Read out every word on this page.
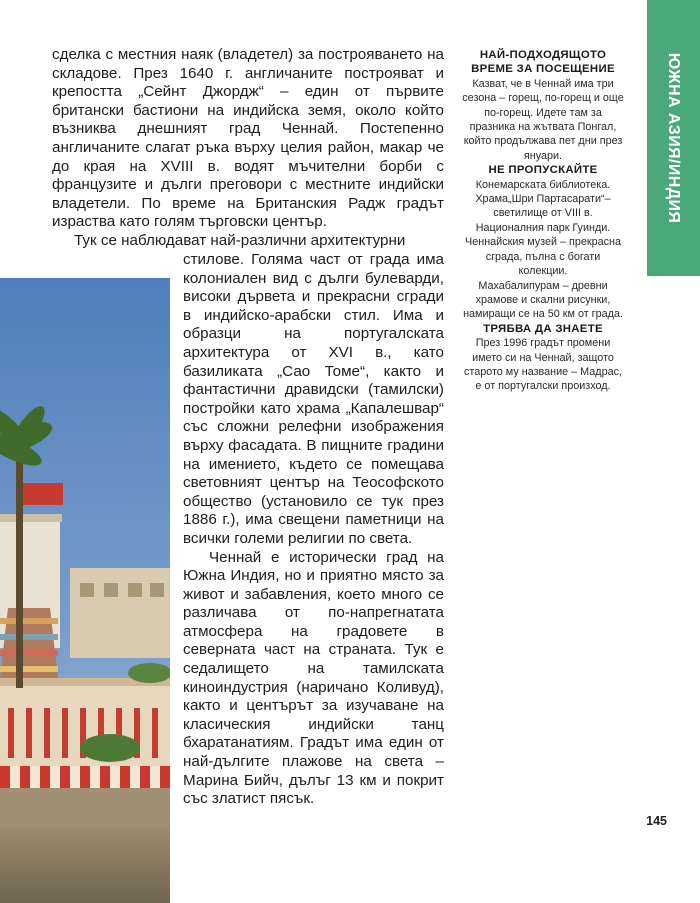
сделка с местния наяк (владетел) за построяването на складове. През 1640 г. англичаните построяват и крепостта „Сейнт Джордж“ – един от първите британски бастиони на индийска земя, около който възниква днешният град Ченнай. Постепенно англичаните слагат ръка върху целия район, макар че до края на XVIII в. водят мъчителни борби с французите и дълги преговори с местните индийски владетели. По време на Британския Радж градът израства като голям търговски център.

Тук се наблюдават най-различни архитектурни

стилове. Голяма част от града има колониален вид с дълги булеварди, високи дървета и прекрасни сгради в индийско-арабски стил. Има и образци на португалската архитектура от XVI в., като базиликата „Сао Томе“, както и фантастични дравидски (тамилски) постройки като храма „Капалешвар“ със сложни релефни изображения върху фасадата. В пищните градини на имението, където се помещава световният център на Теософското общество (установило се тук през 1886 г.), има свещени паметници на всички големи религии по света.

Ченнай е исторически град на Южна Индия, но и приятно място за живот и забавления, което много се различава от по-напрегнатата атмосфера на градовете в северната част на страната. Тук е седалището на тамилската киноиндустрия (наричано Коливуд), както и центърът за изучаване на класическия индийски танц бхаратанатиям. Градът има един от най-дългите плажове на света – Марина Бийч, дълъг 13 км и покрит със златист пясък.

НАЙ-ПОДХОДЯЩОТО
ВРЕМЕ ЗА ПОСЕЩЕНИЕ

Казват, че в Ченнай има три сезона – горещ, по-горещ и още по-горещ. Идете там за празника на жътвата Понгал, който продължава пет дни през януари.

НЕ ПРОПУСКАЙТЕ

Конемарската библиотека. Храма„Шри Партасарати“– светилище от VIII в. Националния парк Гуинди. Ченнайския музей – прекрасна сграда, пълна с богати колекции.

Махабалипурам – древни храмове и скални рисунки, намиращи се на 50 км от града.

ТРЯБВА ДА ЗНАЕТЕ

През 1996 градът промени името си на Ченнай, защото старото му название – Мадрас, е от португалски произход.

ЮЖНА АЗИЯ/ИНДИЯ
145
